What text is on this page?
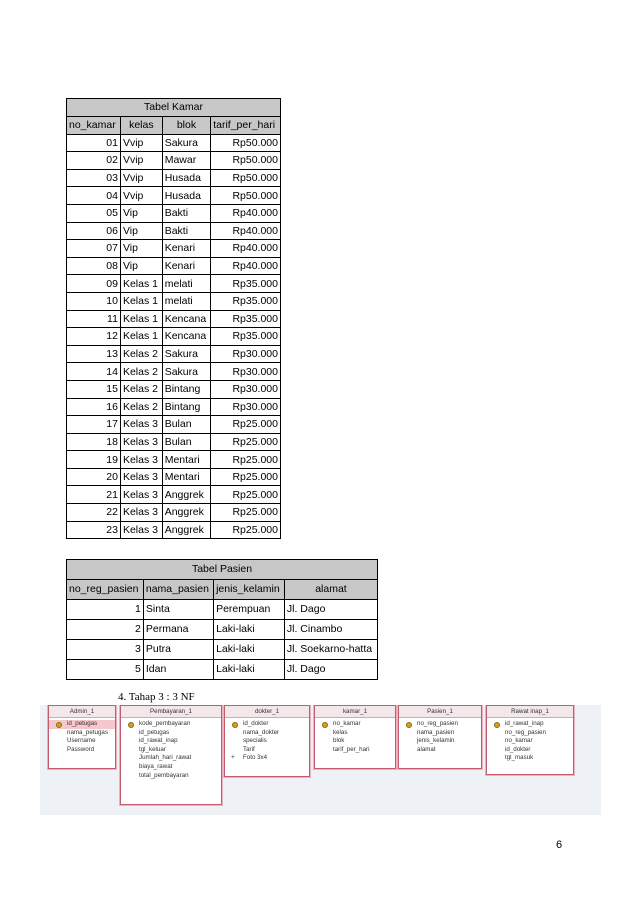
Tabel Kamar			
no_kamar	kelas	blok	tarif_per_hari
01	Vvip	Sakura	Rp50.000
02	Vvip	Mawar	Rp50.000
03	Vvip	Husada	Rp50.000
04	Vvip	Husada	Rp50.000
05	Vip	Bakti	Rp40.000
06	Vip	Bakti	Rp40.000
07	Vip	Kenari	Rp40.000
08	Vip	Kenari	Rp40.000
09	Kelas 1	melati	Rp35.000
10	Kelas 1	melati	Rp35.000
11	Kelas 1	Kencana	Rp35.000
12	Kelas 1	Kencana	Rp35.000
13	Kelas 2	Sakura	Rp30.000
14	Kelas 2	Sakura	Rp30.000
15	Kelas 2	Bintang	Rp30.000
16	Kelas 2	Bintang	Rp30.000
17	Kelas 3	Bulan	Rp25.000
18	Kelas 3	Bulan	Rp25.000
19	Kelas 3	Mentari	Rp25.000
20	Kelas 3	Mentari	Rp25.000
21	Kelas 3	Anggrek	Rp25.000
22	Kelas 3	Anggrek	Rp25.000
23	Kelas 3	Anggrek	Rp25.000
Tabel Pasien			
no_reg_pasien	nama_pasien	jenis_kelamin	alamat
1	Sinta	Perempuan	Jl. Dago
2	Permana	Laki-laki	Jl. Cinambo
3	Putra	Laki-laki	Jl. Soekarno-hatta
5	Idan	Laki-laki	Jl. Dago
4. Tahap 3 : 3 NF
Admin_1
id_petugas
nama_petugas
Username
Password
Pembayaran_1
kode_pembayaran
id_petugas
id_rawat_inap
tgl_keluar
Jumlah_hari_rawat
biaya_rawat
total_pembayaran
dokter_1
id_dokter
nama_dokter
specialis
Tarif
+ Foto 3x4
kamar_1
no_kamar
kelas
blok
tarif_per_hari
Pasien_1
no_reg_pasien
nama_pasien
jenis_kelamin
alamat
Rawat inap_1
id_rawat_inap
no_reg_pasien
no_kamar
id_dokter
tgl_masuk
6
